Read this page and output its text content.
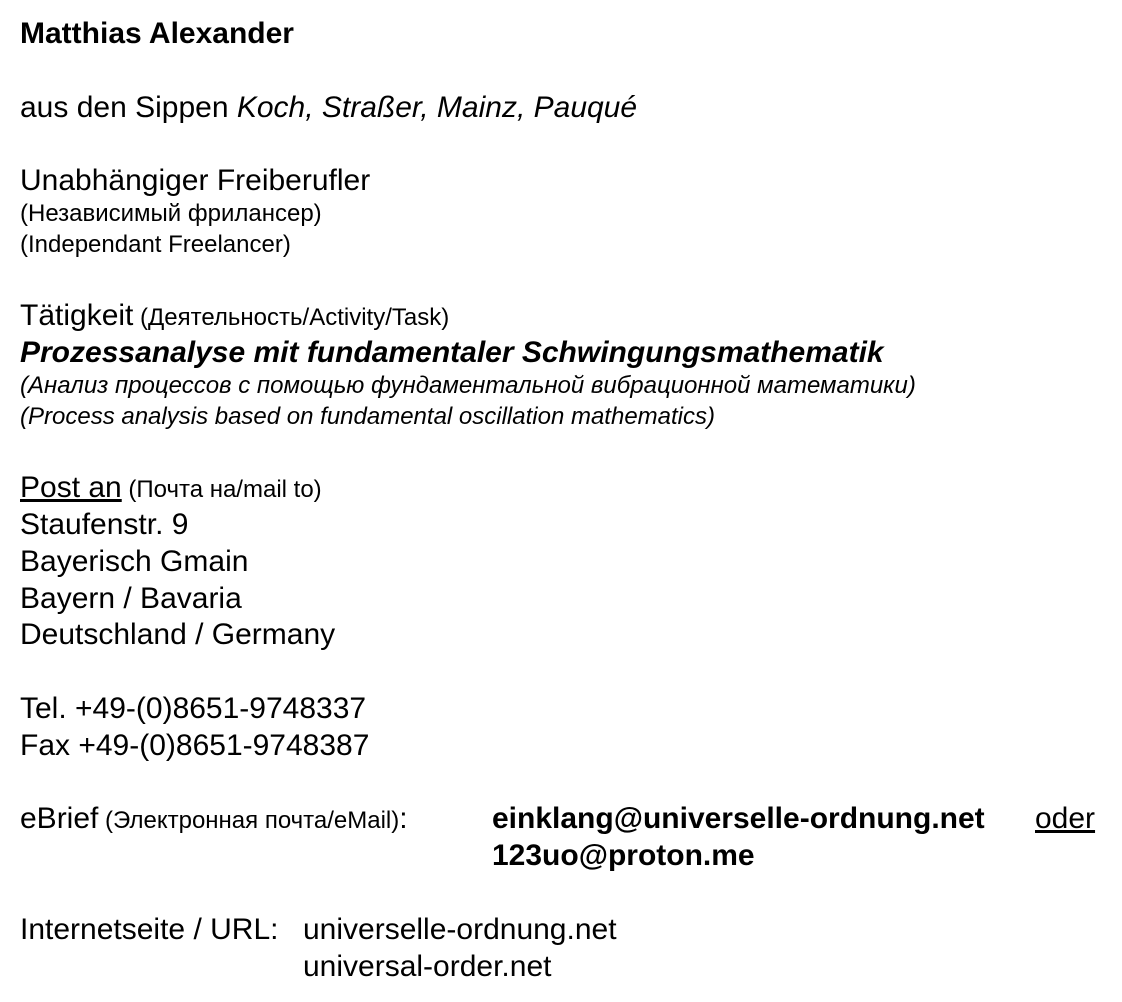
Matthias Alexander
aus den Sippen Koch, Straßer, Mainz, Pauqué
Unabhängiger Freiberufler
(Независимый фрилансер)
(Independant Freelancer)
Tätigkeit (Деятельность/Activity/Task)
Prozessanalyse mit fundamentaler Schwingungsmathematik
(Анализ процессов с помощью фундаментальной вибрационной математики)
(Process analysis based on fundamental oscillation mathematics)
Post an (Почта на/mail to)
Staufenstr. 9
Bayerisch Gmain
Bayern / Bavaria
Deutschland / Germany
Tel. +49-(0)8651-9748337
Fax +49-(0)8651-9748387
eBrief (Электронная почта/eMail):	einklang@universelle-ordnung.net oder
123uo@proton.me
Internetseite / URL: universelle-ordnung.net
universal-order.net
